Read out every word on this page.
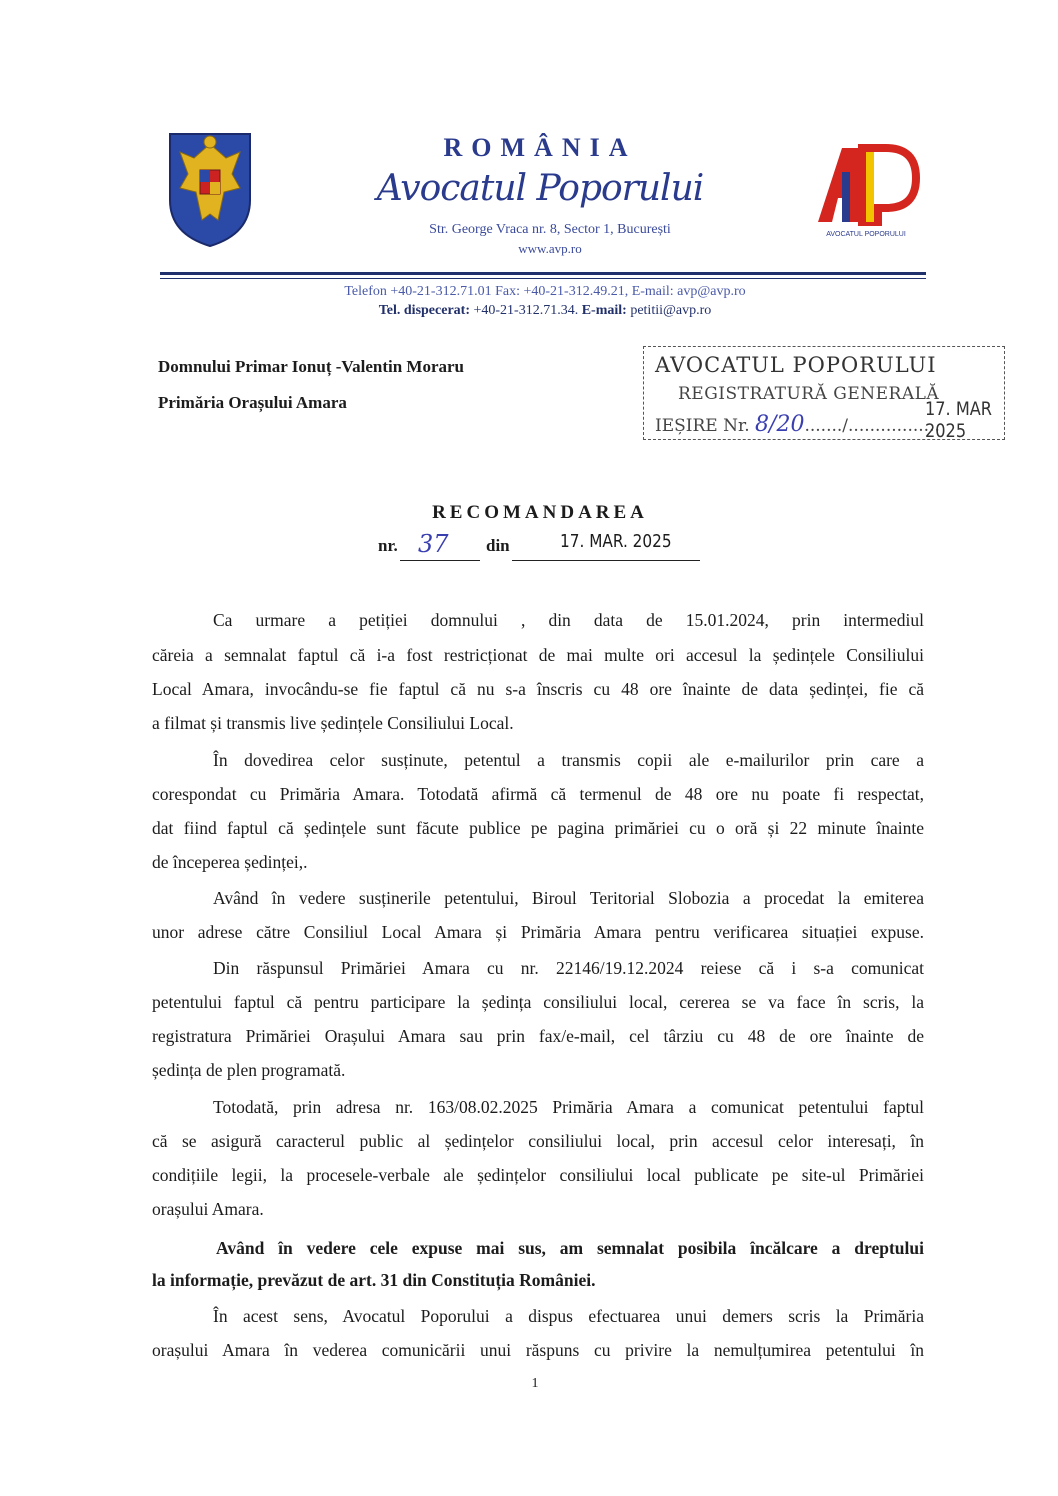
AVOCATUL POPORULUI
ROMÂNIA
Avocatul Poporului
Str. George Vraca nr. 8, Sector 1, București
www.avp.ro
Telefon +40-21-312.71.01 Fax: +40-21-312.49.21, E-mail: avp@avp.ro
Tel. dispecerat: +40-21-312.71.34. E-mail: petitii@avp.ro
Domnului Primar Ionuț -Valentin Moraru
Primăria Orașului Amara
AVOCATUL POPORULUI
REGISTRATURĂ GENERALĂ
IEȘIRE Nr. 8/20......./.................
17. MAR 2025
RECOMANDAREA
nr. 37 din	17. MAR. 2025
Ca urmare a petiției domnului , din data de 15.01.2024, prin intermediul
căreia a semnalat faptul că i-a fost restricționat de mai multe ori accesul la ședințele Consiliului
Local Amara, invocându-se fie faptul că nu s-a înscris cu 48 ore înainte de data ședinței, fie că
a filmat și transmis live ședințele Consiliului Local.
În dovedirea celor susținute, petentul a transmis copii ale e-mailurilor prin care a
corespondat cu Primăria Amara. Totodată afirmă că termenul de 48 ore nu poate fi respectat,
dat fiind faptul că ședințele sunt făcute publice pe pagina primăriei cu o oră și 22 minute înainte
de începerea ședinței,.
Având în vedere susținerile petentului, Biroul Teritorial Slobozia a procedat la emiterea
unor adrese către Consiliul Local Amara și Primăria Amara pentru verificarea situației expuse.
Din răspunsul Primăriei Amara cu nr. 22146/19.12.2024 reiese că i s-a comunicat
petentului faptul că pentru participare la ședința consiliului local, cererea se va face în scris, la
registratura Primăriei Orașului Amara sau prin fax/e-mail, cel târziu cu 48 de ore înainte de
ședința de plen programată.
Totodată, prin adresa nr. 163/08.02.2025 Primăria Amara a comunicat petentului faptul
că se asigură caracterul public al ședințelor consiliului local, prin accesul celor interesați, în
condițiile legii, la procesele-verbale ale ședințelor consiliului local publicate pe site-ul Primăriei
orașului Amara.
Având în vedere cele expuse mai sus, am semnalat posibila încălcare a dreptului
la informație, prevăzut de art. 31 din Constituția României.
În acest sens, Avocatul Poporului a dispus efectuarea unui demers scris la Primăria
orașului Amara în vederea comunicării unui răspuns cu privire la nemulțumirea petentului în
1
